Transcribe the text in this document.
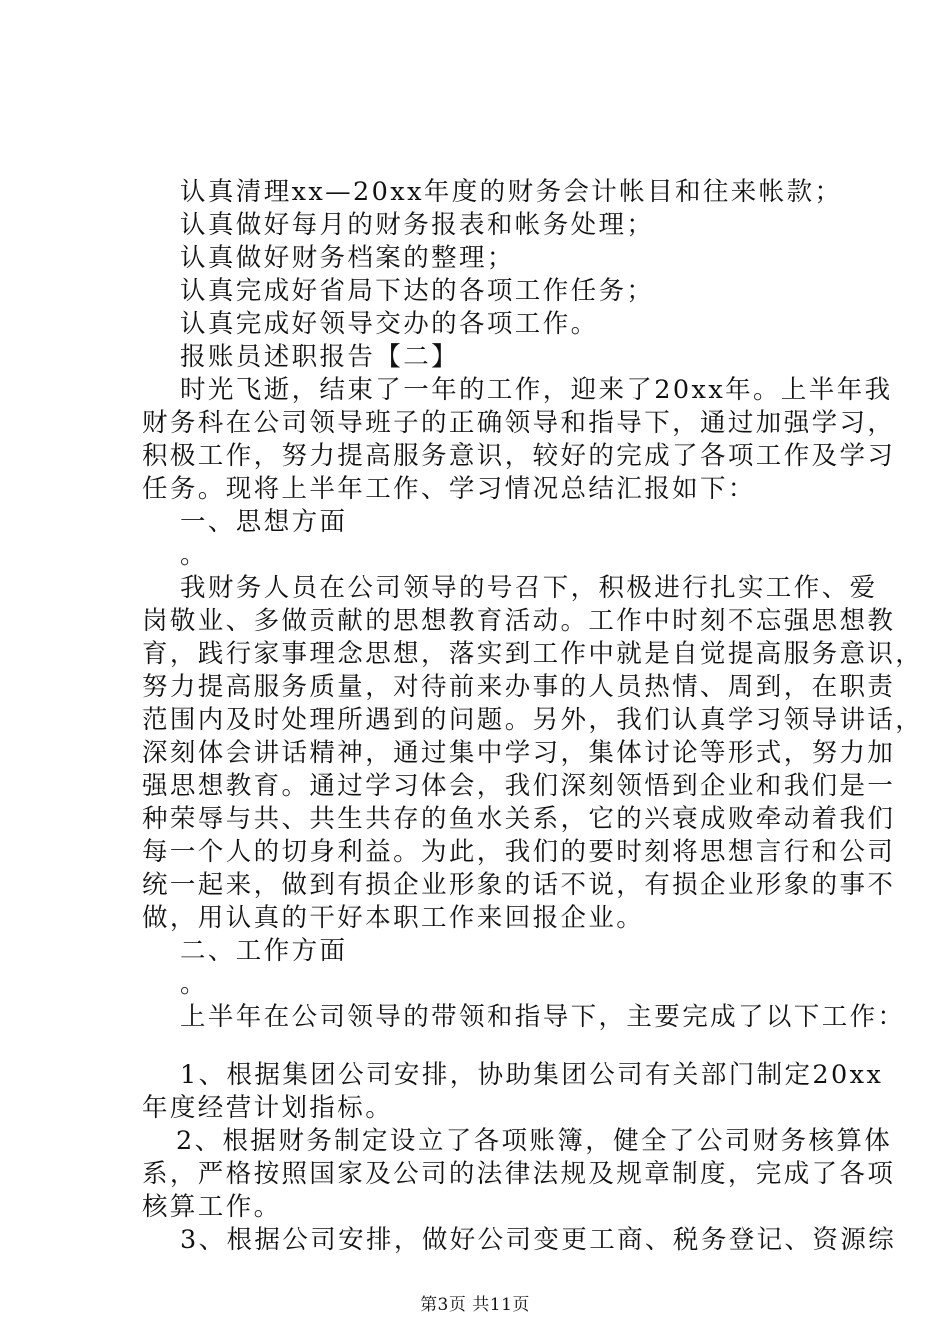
认真清理xx—20xx年度的财务会计帐目和往来帐款；
认真做好每月的财务报表和帐务处理；
认真做好财务档案的整理；
认真完成好省局下达的各项工作任务；
认真完成好领导交办的各项工作。
报账员述职报告【二】
时光飞逝，结束了一年的工作，迎来了20xx年。上半年我
财务科在公司领导班子的正确领导和指导下，通过加强学习，
积极工作，努力提高服务意识，较好的完成了各项工作及学习
任务。现将上半年工作、学习情况总结汇报如下：
一、思想方面
。
我财务人员在公司领导的号召下，积极进行扎实工作、爱
岗敬业、多做贡献的思想教育活动。工作中时刻不忘强思想教
育，践行家事理念思想，落实到工作中就是自觉提高服务意识，
努力提高服务质量，对待前来办事的人员热情、周到，在职责
范围内及时处理所遇到的问题。另外，我们认真学习领导讲话，
深刻体会讲话精神，通过集中学习，集体讨论等形式，努力加
强思想教育。通过学习体会，我们深刻领悟到企业和我们是一
种荣辱与共、共生共存的鱼水关系，它的兴衰成败牵动着我们
每一个人的切身利益。为此，我们的要时刻将思想言行和公司
统一起来，做到有损企业形象的话不说，有损企业形象的事不
做，用认真的干好本职工作来回报企业。
二、工作方面
。
上半年在公司领导的带领和指导下，主要完成了以下工作：
1、根据集团公司安排，协助集团公司有关部门制定20xx
年度经营计划指标。
2、根据财务制定设立了各项账簿，健全了公司财务核算体
系，严格按照国家及公司的法律法规及规章制度，完成了各项
核算工作。
3、根据公司安排，做好公司变更工商、税务登记、资源综
第3页 共11页
